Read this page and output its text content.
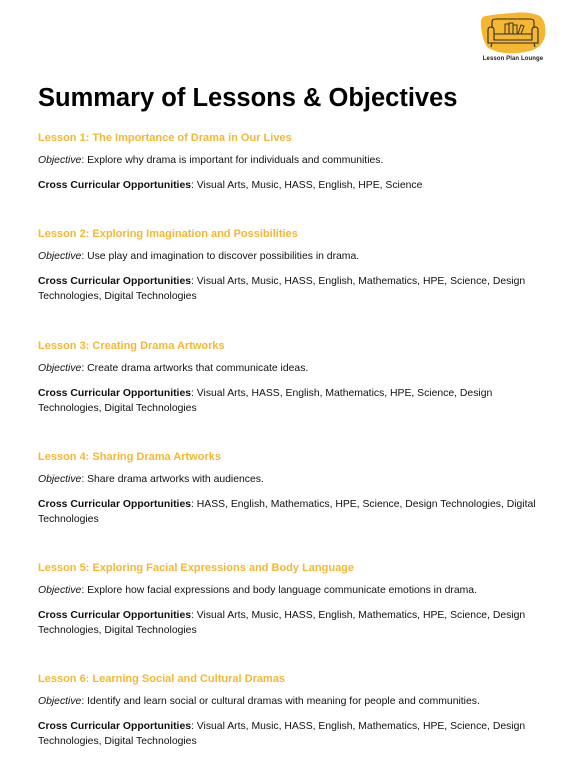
Lesson Plan Lounge
Summary of Lessons & Objectives
Lesson 1: The Importance of Drama in Our Lives
Objective: Explore why drama is important for individuals and communities.
Cross Curricular Opportunities: Visual Arts, Music, HASS, English, HPE, Science
Lesson 2: Exploring Imagination and Possibilities
Objective: Use play and imagination to discover possibilities in drama.
Cross Curricular Opportunities: Visual Arts, Music, HASS, English, Mathematics, HPE, Science, Design Technologies, Digital Technologies
Lesson 3: Creating Drama Artworks
Objective: Create drama artworks that communicate ideas.
Cross Curricular Opportunities: Visual Arts, HASS, English, Mathematics, HPE, Science, Design Technologies, Digital Technologies
Lesson 4: Sharing Drama Artworks
Objective: Share drama artworks with audiences.
Cross Curricular Opportunities: HASS, English, Mathematics, HPE, Science, Design Technologies, Digital Technologies
Lesson 5: Exploring Facial Expressions and Body Language
Objective: Explore how facial expressions and body language communicate emotions in drama.
Cross Curricular Opportunities: Visual Arts, Music, HASS, English, Mathematics, HPE, Science, Design Technologies, Digital Technologies
Lesson 6: Learning Social and Cultural Dramas
Objective: Identify and learn social or cultural dramas with meaning for people and communities.
Cross Curricular Opportunities: Visual Arts, Music, HASS, English, Mathematics, HPE, Science, Design Technologies, Digital Technologies
